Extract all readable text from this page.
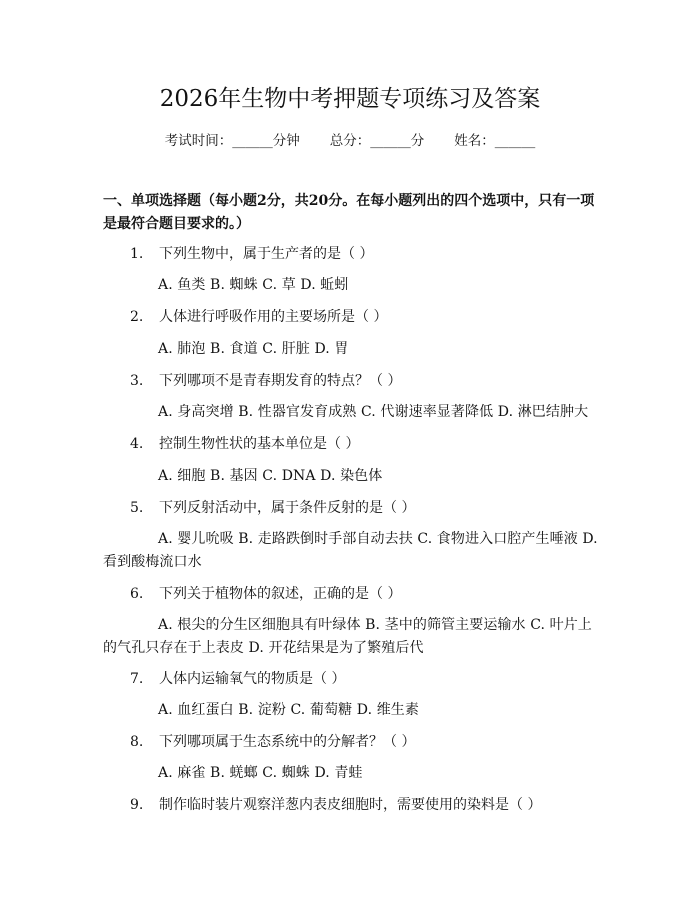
2026年生物中考押题专项练习及答案
考试时间：______分钟 总分：______分 姓名：______
一、单项选择题（每小题2分，共20分。在每小题列出的四个选项中，只有一项是最符合题目要求的。）
1. 下列生物中，属于生产者的是（ ）
A. 鱼类 B. 蜘蛛 C. 草 D. 蚯蚓
2. 人体进行呼吸作用的主要场所是（ ）
A. 肺泡 B. 食道 C. 肝脏 D. 胃
3. 下列哪项不是青春期发育的特点？（ ）
A. 身高突增 B. 性器官发育成熟 C. 代谢速率显著降低 D. 淋巴结肿大
4. 控制生物性状的基本单位是（ ）
A. 细胞 B. 基因 C. DNA D. 染色体
5. 下列反射活动中，属于条件反射的是（ ）
A. 婴儿吮吸 B. 走路跌倒时手部自动去扶 C. 食物进入口腔产生唾液 D. 看到酸梅流口水
6. 下列关于植物体的叙述，正确的是（ ）
A. 根尖的分生区细胞具有叶绿体 B. 茎中的筛管主要运输水 C. 叶片上的气孔只存在于上表皮 D. 开花结果是为了繁殖后代
7. 人体内运输氧气的物质是（ ）
A. 血红蛋白 B. 淀粉 C. 葡萄糖 D. 维生素
8. 下列哪项属于生态系统中的分解者？（ ）
A. 麻雀 B. 蜣螂 C. 蜘蛛 D. 青蛙
9. 制作临时装片观察洋葱内表皮细胞时，需要使用的染料是（ ）
